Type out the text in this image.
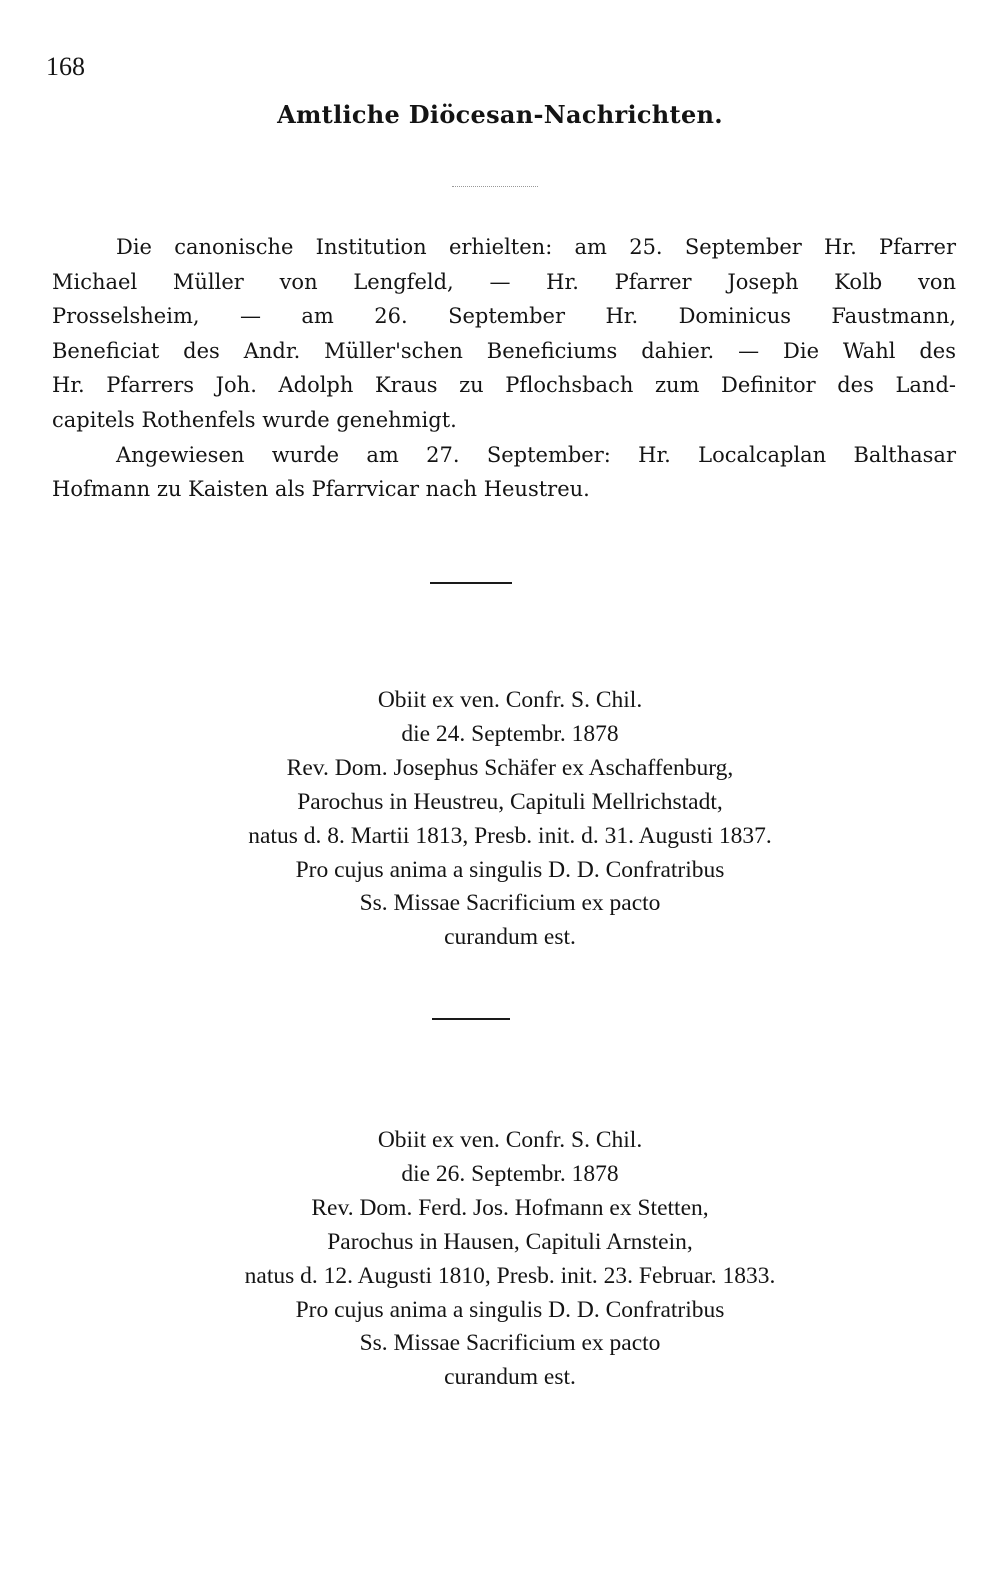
168
Amtliche Diöcesan-Nachrichten.
Die canonische Institution erhielten: am 25. September Hr. Pfarrer
Michael Müller von Lengfeld, — Hr. Pfarrer Joseph Kolb von
Prosselsheim, — am 26. September Hr. Dominicus Faustmann,
Beneficiat des Andr. Müller'schen Beneficiums dahier. — Die Wahl des
Hr. Pfarrers Joh. Adolph Kraus zu Pflochsbach zum Definitor des Land-
capitels Rothenfels wurde genehmigt.
Angewiesen wurde am 27. September: Hr. Localcaplan Balthasar
Hofmann zu Kaisten als Pfarrvicar nach Heustreu.
Obiit ex ven. Confr. S. Chil.
die 24. Septembr. 1878
Rev. Dom. Josephus Schäfer ex Aschaffenburg,
Parochus in Heustreu, Capituli Mellrichstadt,
natus d. 8. Martii 1813, Presb. init. d. 31. Augusti 1837.
Pro cujus anima a singulis D. D. Confratribus
Ss. Missae Sacrificium ex pacto
curandum est.
Obiit ex ven. Confr. S. Chil.
die 26. Septembr. 1878
Rev. Dom. Ferd. Jos. Hofmann ex Stetten,
Parochus in Hausen, Capituli Arnstein,
natus d. 12. Augusti 1810, Presb. init. 23. Februar. 1833.
Pro cujus anima a singulis D. D. Confratribus
Ss. Missae Sacrificium ex pacto
curandum est.
